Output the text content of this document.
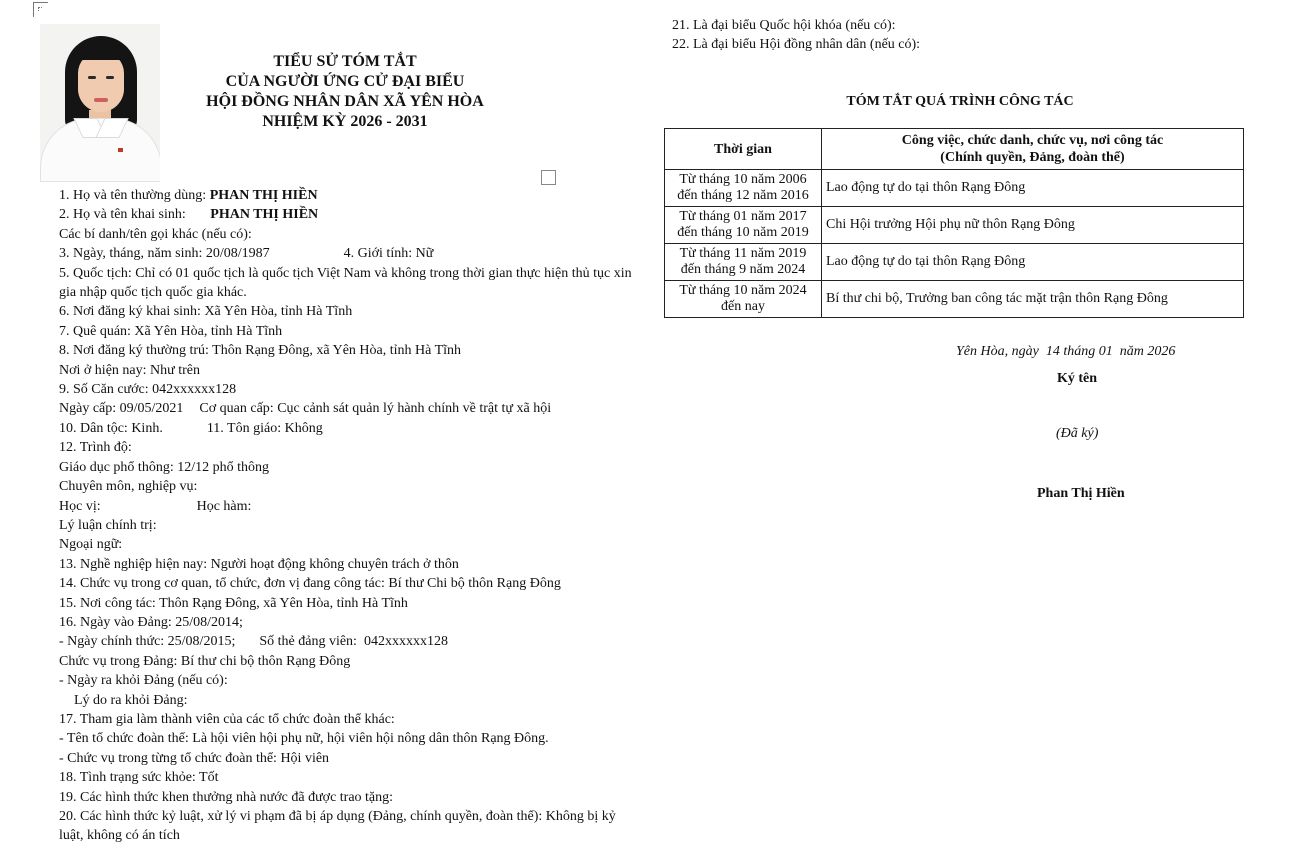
TIỂU SỬ TÓM TẮT
CỦA NGƯỜI ỨNG CỬ ĐẠI BIỂU
HỘI ĐỒNG NHÂN DÂN XÃ YÊN HÒA
NHIỆM KỲ 2026 - 2031
1. Họ và tên thường dùng: PHAN THỊ HIỀN
2. Họ và tên khai sinh:       PHAN THỊ HIỀN
Các bí danh/tên gọi khác (nếu có):
3. Ngày, tháng, năm sinh: 20/08/1987	4. Giới tính: Nữ
5. Quốc tịch: Chỉ có 01 quốc tịch là quốc tịch Việt Nam và không trong thời gian thực hiện thủ tục xin gia nhập quốc tịch quốc gia khác.
6. Nơi đăng ký khai sinh: Xã Yên Hòa, tỉnh Hà Tĩnh
7. Quê quán: Xã Yên Hòa, tỉnh Hà Tĩnh
8. Nơi đăng ký thường trú: Thôn Rạng Đông, xã Yên Hòa, tỉnh Hà Tĩnh
Nơi ở hiện nay: Như trên
9. Số Căn cước: 042xxxxxx128
Ngày cấp: 09/05/2021 Cơ quan cấp: Cục cảnh sát quản lý hành chính về trật tự xã hội
10. Dân tộc: Kinh.	11. Tôn giáo: Không
12. Trình độ:
Giáo dục phổ thông: 12/12 phổ thông
Chuyên môn, nghiệp vụ:
Học vị:	Học hàm:
Lý luận chính trị:
Ngoại ngữ:
13. Nghề nghiệp hiện nay: Người hoạt động không chuyên trách ở thôn
14. Chức vụ trong cơ quan, tổ chức, đơn vị đang công tác: Bí thư Chi bộ thôn Rạng Đông
15. Nơi công tác: Thôn Rạng Đông, xã Yên Hòa, tỉnh Hà Tĩnh
16. Ngày vào Đảng: 25/08/2014;
- Ngày chính thức: 25/08/2015; Số thẻ đảng viên:  042xxxxxx128
Chức vụ trong Đảng: Bí thư chi bộ thôn Rạng Đông
- Ngày ra khỏi Đảng (nếu có):
Lý do ra khỏi Đảng:
17. Tham gia làm thành viên của các tổ chức đoàn thể khác:
- Tên tổ chức đoàn thể: Là hội viên hội phụ nữ, hội viên hội nông dân thôn Rạng Đông.
- Chức vụ trong từng tổ chức đoàn thể: Hội viên
18. Tình trạng sức khỏe: Tốt
19. Các hình thức khen thưởng nhà nước đã được trao tặng:
20. Các hình thức kỷ luật, xử lý vi phạm đã bị áp dụng (Đảng, chính quyền, đoàn thể): Không bị kỷ luật, không có án tích
21. Là đại biểu Quốc hội khóa (nếu có):
22. Là đại biểu Hội đồng nhân dân (nếu có):
TÓM TẮT QUÁ TRÌNH CÔNG TÁC
Thời gian	Công việc, chức danh, chức vụ, nơi công tác
(Chính quyền, Đảng, đoàn thể)

Từ tháng 10 năm 2006
đến tháng 12 năm 2016	Lao động tự do tại thôn Rạng Đông

Từ tháng 01 năm 2017
đến tháng 10 năm 2019	Chi Hội trưởng Hội phụ nữ thôn Rạng Đông

Từ tháng 11 năm 2019
đến tháng 9 năm 2024	Lao động tự do tại thôn Rạng Đông

Từ tháng 10 năm 2024
đến nay	Bí thư chi bộ, Trưởng ban công tác mặt trận thôn Rạng Đông
Yên Hòa, ngày  14 tháng 01  năm 2026
Ký tên
(Đã ký)
Phan Thị Hiền
